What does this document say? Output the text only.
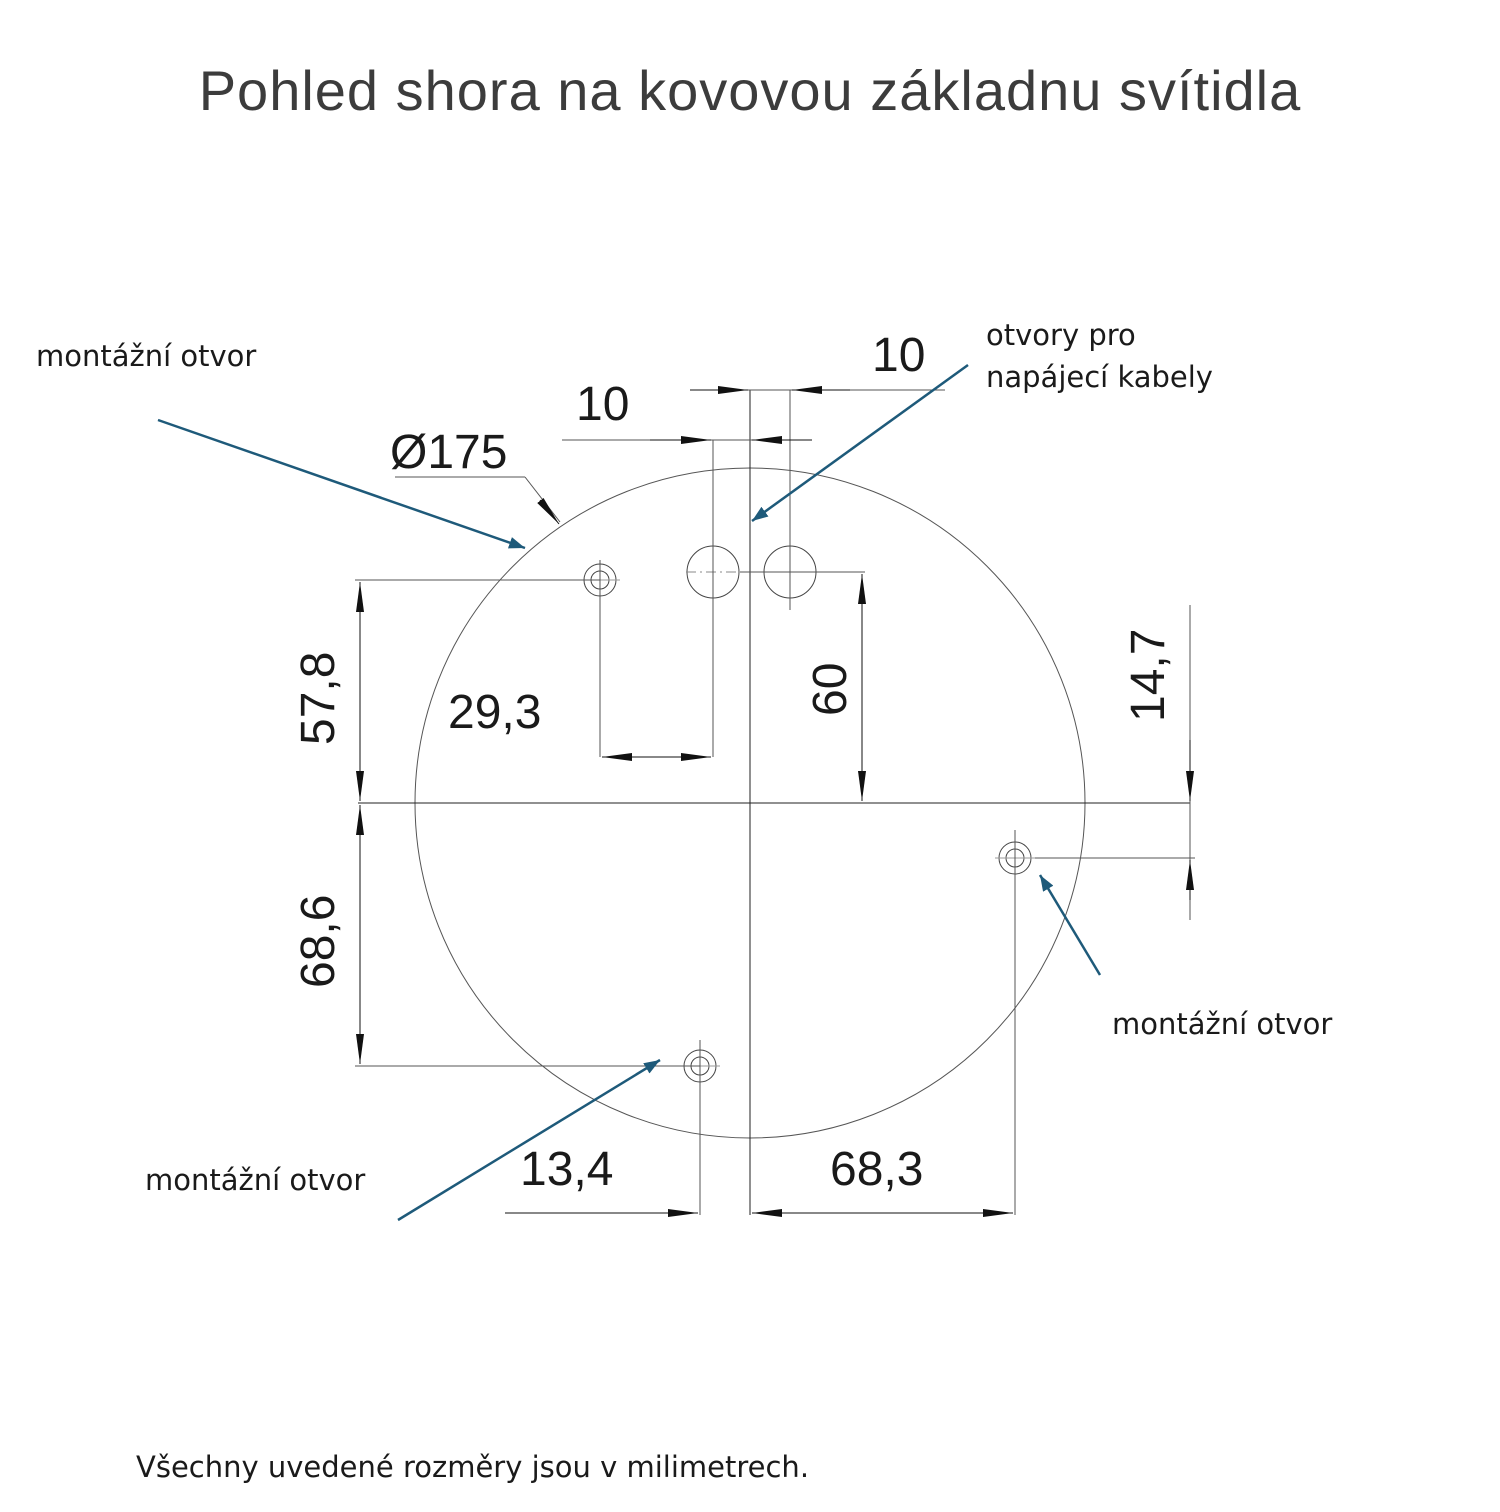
Pohled shora na kovovou základnu svítidla
Ø175
10
10
29,3
13,4	68,3
57,8
68,6
60	14,7
montážní otvor
otvory pro
napájecí kabely
montážní otvor
montážní otvor
Všechny uvedené rozměry jsou v milimetrech.
